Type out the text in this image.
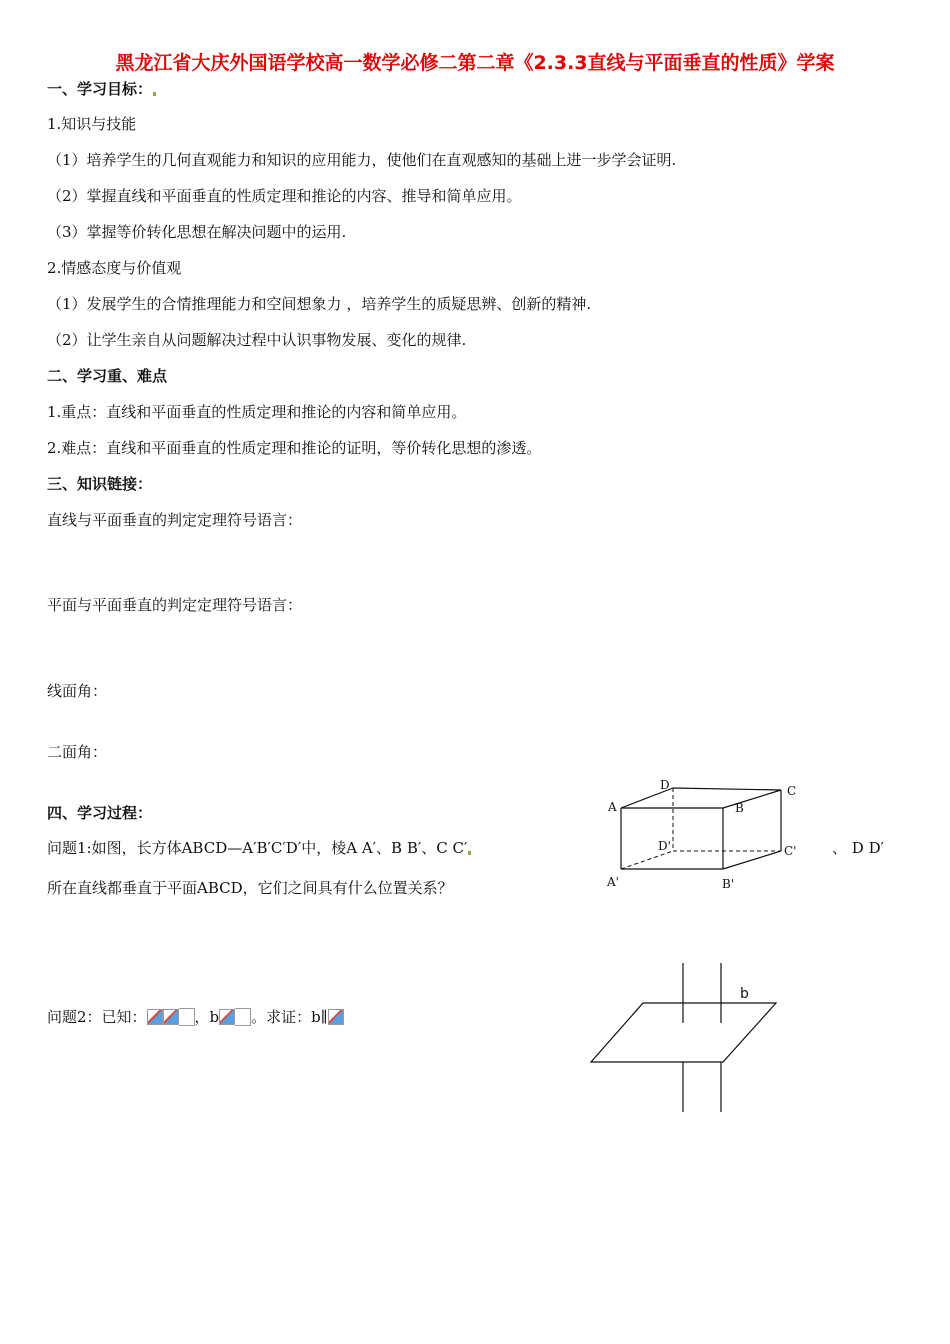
黑龙江省大庆外国语学校高一数学必修二第二章《2.3.3直线与平面垂直的性质》学案
一、学习目标：
1.知识与技能
（1）培养学生的几何直观能力和知识的应用能力，使他们在直观感知的基础上进一步学会证明.
（2）掌握直线和平面垂直的性质定理和推论的内容、推导和简单应用。
（3）掌握等价转化思想在解决问题中的运用.
2.情感态度与价值观
（1）发展学生的合情推理能力和空间想象力 ，培养学生的质疑思辨、创新的精神.
（2）让学生亲自从问题解决过程中认识事物发展、变化的规律.
二、学习重、难点
1.重点：直线和平面垂直的性质定理和推论的内容和简单应用。
2.难点：直线和平面垂直的性质定理和推论的证明，等价转化思想的渗透。
三、知识链接：
直线与平面垂直的判定定理符号语言：
平面与平面垂直的判定定理符号语言：
线面角：
二面角：
四、学习过程：
问题1:如图，长方体ABCD—A′B′C′D′中，棱A A′、B B′、C C′	、 D D′
所在直线都垂直于平面ABCD，它们之间具有什么位置关系？
问题2：已知：	，b 。求证：b∥
A
D
B
C
D'	C'
A'	B'
b
